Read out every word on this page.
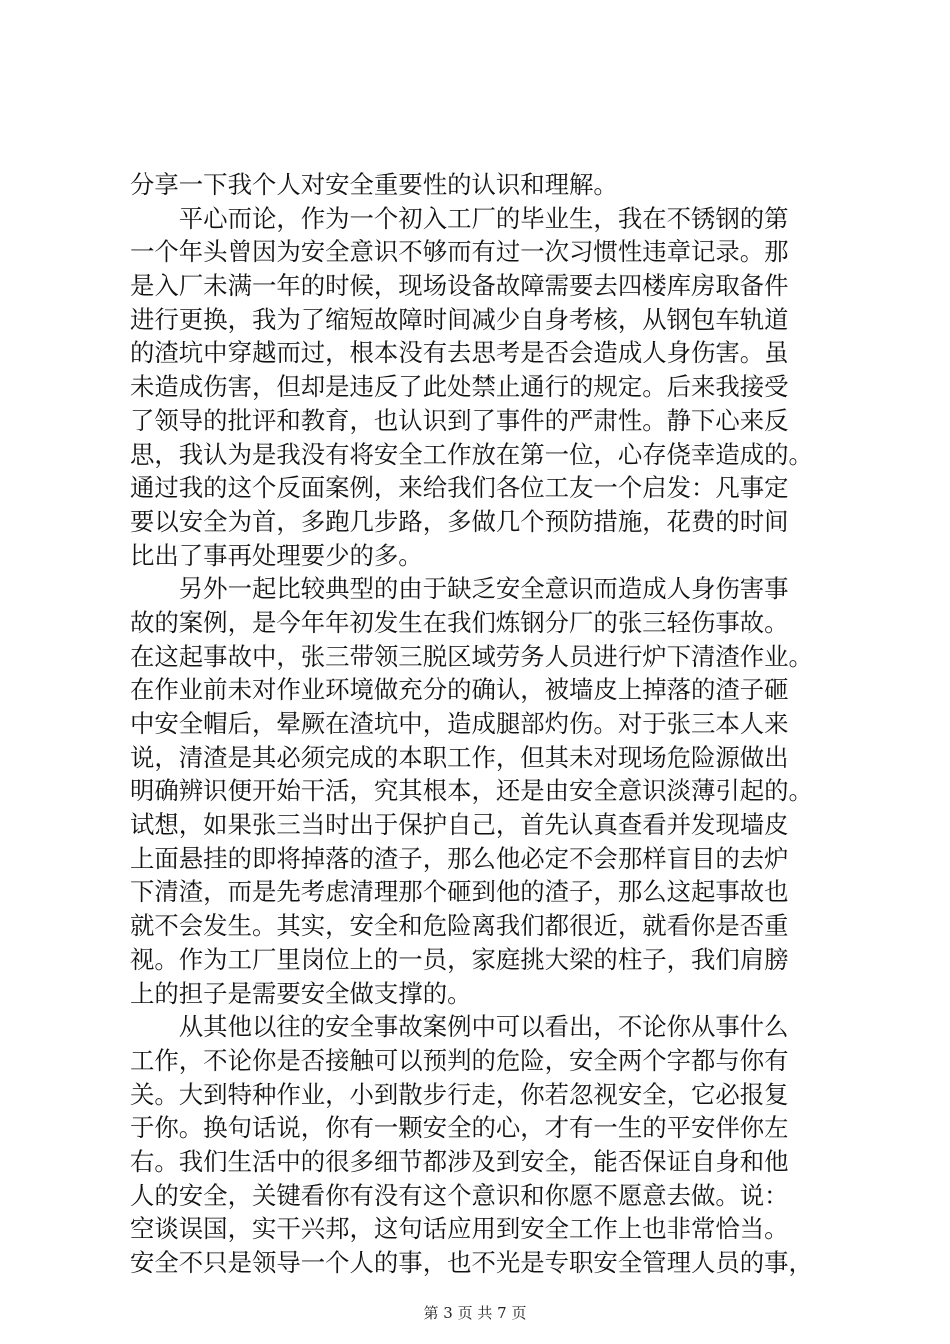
分享一下我个人对安全重要性的认识和理解。
　　平心而论，作为一个初入工厂的毕业生，我在不锈钢的第
一个年头曾因为安全意识不够而有过一次习惯性违章记录。那
是入厂未满一年的时候，现场设备故障需要去四楼库房取备件
进行更换，我为了缩短故障时间减少自身考核，从钢包车轨道
的渣坑中穿越而过，根本没有去思考是否会造成人身伤害。虽
未造成伤害，但却是违反了此处禁止通行的规定。后来我接受
了领导的批评和教育，也认识到了事件的严肃性。静下心来反
思，我认为是我没有将安全工作放在第一位，心存侥幸造成的。
通过我的这个反面案例，来给我们各位工友一个启发：凡事定
要以安全为首，多跑几步路，多做几个预防措施，花费的时间
比出了事再处理要少的多。
　　另外一起比较典型的由于缺乏安全意识而造成人身伤害事
故的案例，是今年年初发生在我们炼钢分厂的张三轻伤事故。
在这起事故中，张三带领三脱区域劳务人员进行炉下清渣作业。
在作业前未对作业环境做充分的确认，被墙皮上掉落的渣子砸
中安全帽后，晕厥在渣坑中，造成腿部灼伤。对于张三本人来
说，清渣是其必须完成的本职工作，但其未对现场危险源做出
明确辨识便开始干活，究其根本，还是由安全意识淡薄引起的。
试想，如果张三当时出于保护自己，首先认真查看并发现墙皮
上面悬挂的即将掉落的渣子，那么他必定不会那样盲目的去炉
下清渣，而是先考虑清理那个砸到他的渣子，那么这起事故也
就不会发生。其实，安全和危险离我们都很近，就看你是否重
视。作为工厂里岗位上的一员，家庭挑大梁的柱子，我们肩膀
上的担子是需要安全做支撑的。
　　从其他以往的安全事故案例中可以看出，不论你从事什么
工作，不论你是否接触可以预判的危险，安全两个字都与你有
关。大到特种作业，小到散步行走，你若忽视安全，它必报复
于你。换句话说，你有一颗安全的心，才有一生的平安伴你左
右。我们生活中的很多细节都涉及到安全，能否保证自身和他
人的安全，关键看你有没有这个意识和你愿不愿意去做。说：
空谈误国，实干兴邦，这句话应用到安全工作上也非常恰当。
安全不只是领导一个人的事，也不光是专职安全管理人员的事，
第 3 页 共 7 页
